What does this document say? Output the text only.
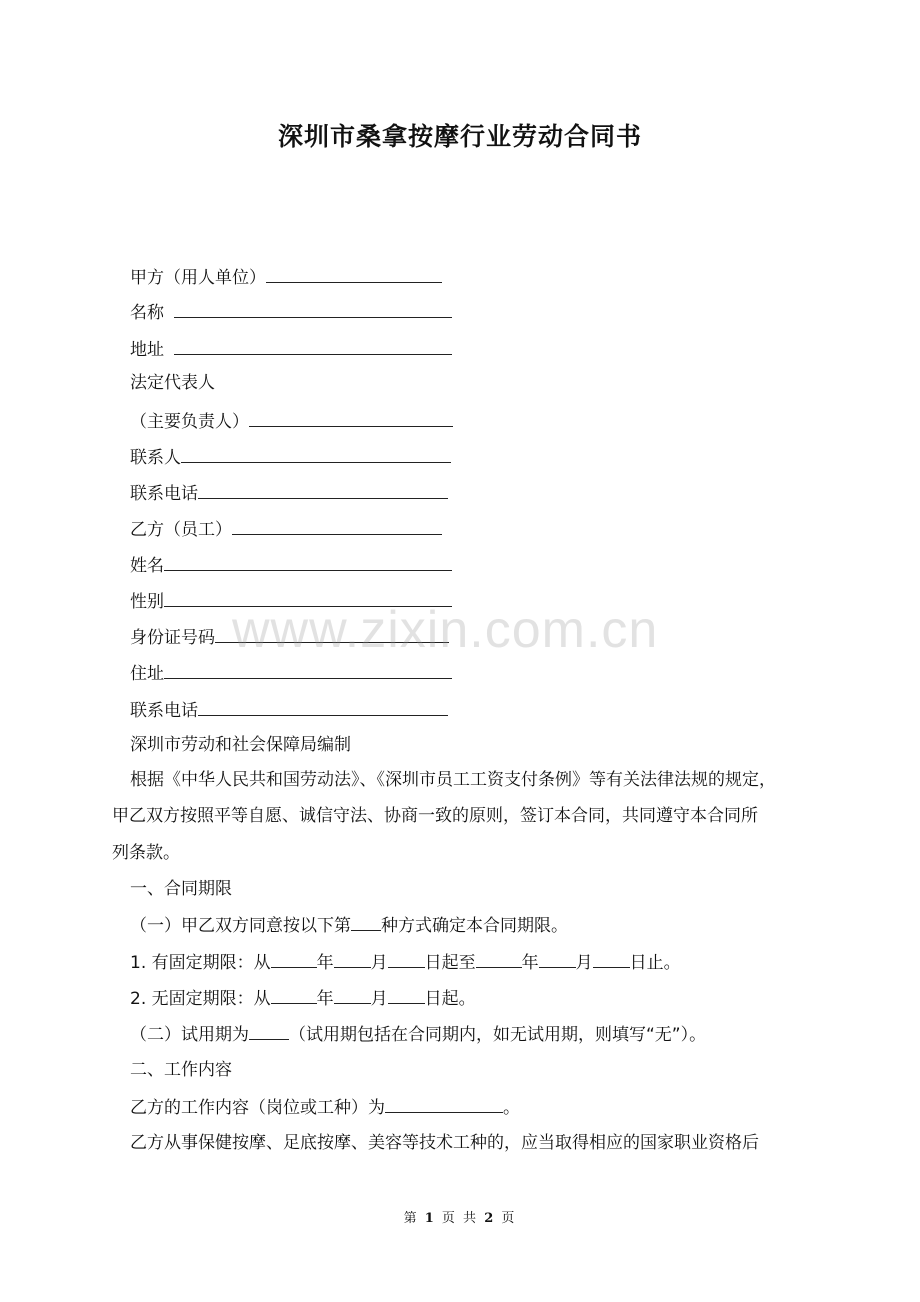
深圳市桑拿按摩行业劳动合同书
甲方（用人单位）
名称
地址
法定代表人
（主要负责人）
联系人
联系电话
乙方（员工）
姓名
性别
身份证号码
住址
联系电话
深圳市劳动和社会保障局编制
根据《中华人民共和国劳动法》、《深圳市员工工资支付条例》等有关法律法规的规定，
甲乙双方按照平等自愿、诚信守法、协商一致的原则，签订本合同，共同遵守本合同所
列条款。
一、合同期限
（一）甲乙双方同意按以下第 种方式确定本合同期限。
1. 有固定期限：从	年 月 日起至	年 月 日止。
2. 无固定期限：从	年 月 日起。
（二）试用期为 （试用期包括在合同期内，如无试用期，则填写“无”）。
二、工作内容
乙方的工作内容（岗位或工种）为	。
乙方从事保健按摩、足底按摩、美容等技术工种的，应当取得相应的国家职业资格后
www.zixin.com.cn
第 1 页 共 2 页
